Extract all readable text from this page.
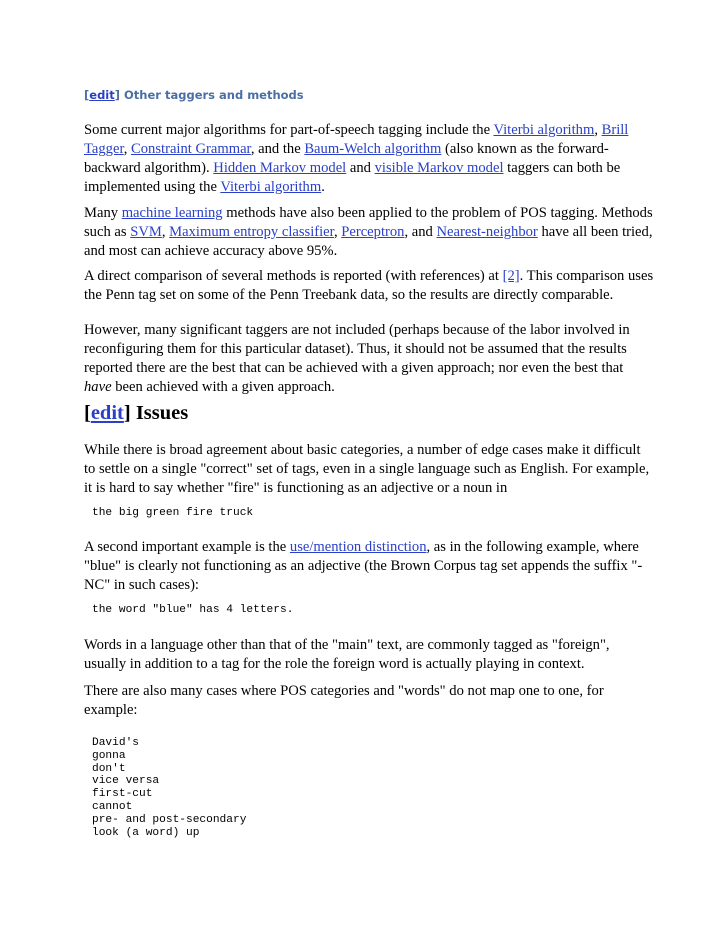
[edit] Other taggers and methods

Some current major algorithms for part-of-speech tagging include the Viterbi algorithm, Brill Tagger, Constraint Grammar, and the Baum-Welch algorithm (also known as the forward-backward algorithm). Hidden Markov model and visible Markov model taggers can both be implemented using the Viterbi algorithm.

Many machine learning methods have also been applied to the problem of POS tagging. Methods such as SVM, Maximum entropy classifier, Perceptron, and Nearest-neighbor have all been tried, and most can achieve accuracy above 95%.

A direct comparison of several methods is reported (with references) at [2]. This comparison uses the Penn tag set on some of the Penn Treebank data, so the results are directly comparable.

However, many significant taggers are not included (perhaps because of the labor involved in reconfiguring them for this particular dataset). Thus, it should not be assumed that the results reported there are the best that can be achieved with a given approach; nor even the best that have been achieved with a given approach.

[edit] Issues

While there is broad agreement about basic categories, a number of edge cases make it difficult to settle on a single "correct" set of tags, even in a single language such as English. For example, it is hard to say whether "fire" is functioning as an adjective or a noun in

the big green fire truck

A second important example is the use/mention distinction, as in the following example, where "blue" is clearly not functioning as an adjective (the Brown Corpus tag set appends the suffix "-NC" in such cases):

the word "blue" has 4 letters.

Words in a language other than that of the "main" text, are commonly tagged as "foreign", usually in addition to a tag for the role the foreign word is actually playing in context.

There are also many cases where POS categories and "words" do not map one to one, for example:

David's
gonna
don't
vice versa
first-cut
cannot
pre- and post-secondary
look (a word) up
